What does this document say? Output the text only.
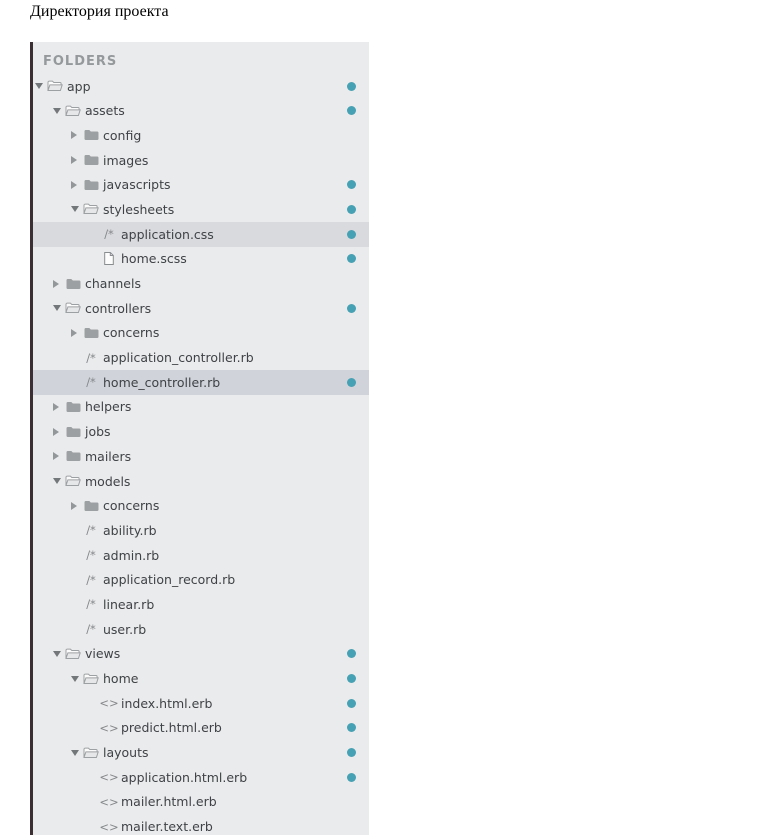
Директория проекта
FOLDERS
app
assets
config
images
javascripts
stylesheets
/* application.css
home.scss
channels
controllers
concerns
/* application_controller.rb
/* home_controller.rb
helpers
jobs
mailers
models
concerns
/* ability.rb
/* admin.rb
/* application_record.rb
/* linear.rb
/* user.rb
views
home
<> index.html.erb
<> predict.html.erb
layouts
<> application.html.erb
<> mailer.html.erb
<> mailer.text.erb
